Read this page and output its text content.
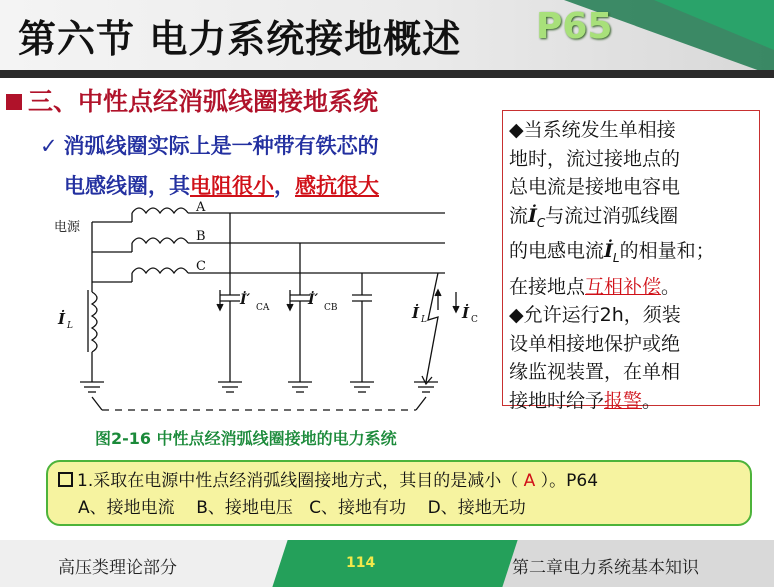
第六节 电力系统接地概述 P65
三、中性点经消弧线圈接地系统
✓ 消弧线圈实际上是一种带有铁芯的
电感线圈，其电阻很小，感抗很大
电源
A
B
C
İ L
İ′ CA	İ′ CB	İ L İ C
图2-16 中性点经消弧线圈接地的电力系统
◆当系统发生单相接
地时，流过接地点的
总电流是接地电容电
流$İ_C$与流过消弧线圈
的电感电流$İ_L$的相量和；
在接地点互相补偿。
◆允许运行2h，须装
设单相接地保护或绝
缘监视装置，在单相
接地时给予报警。
1.采取在电源中性点经消弧线圈接地方式，其目的是减小（ A ）。P64
A、接地电流    B、接地电压   C、接地有功    D、接地无功
高压类理论部分	114	第二章电力系统基本知识
